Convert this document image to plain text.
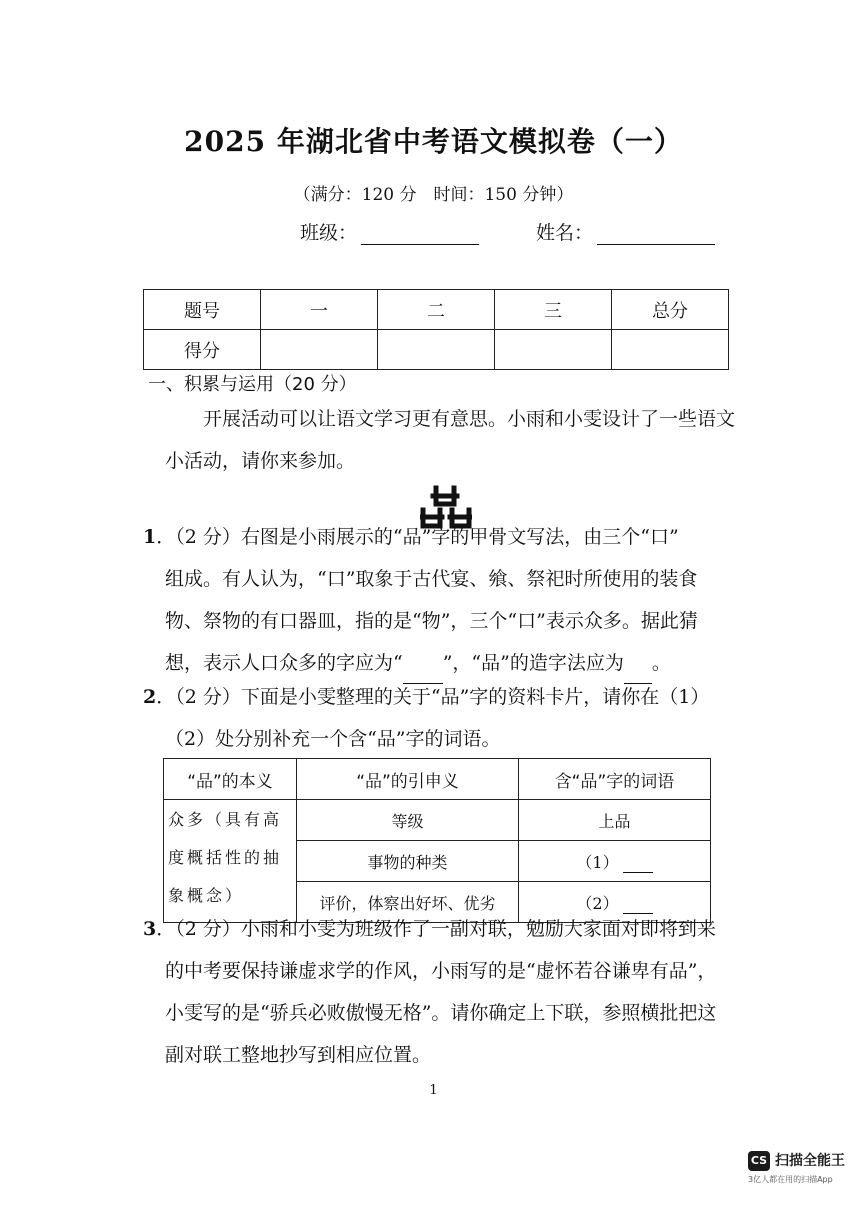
2025 年湖北省中考语文模拟卷（一）
（满分：120 分　时间：150 分钟）
班级：	姓名：
题号	一	二	三	总分
得分				
一、积累与运用（20 分）
开展活动可以让语文学习更有意思。小雨和小雯设计了一些语文小活动，请你来参加。
1．（2 分）右图是小雨展示的“品”字的甲骨文写法，由三个“口”
组成。有人认为，“口”取象于古代宴、飨、祭祀时所使用的装食物、祭物的有口器皿，指的是“物”，三个“口”表示众多。据此猜想，表示人口众多的字应为“ ”，“品”的造字法应为 。
2．（2 分）下面是小雯整理的关于“品”字的资料卡片，请你在（1）
（2）处分别补充一个含“品”字的词语。
“品”的本义	“品”的引申义	含“品”字的词语
众多（具有高度概括性的抽象概念）	等级	上品
	事物的种类	（1）
	评价，体察出好坏、优劣	（2）
3．（2 分）小雨和小雯为班级作了一副对联，勉励大家面对即将到来
的中考要保持谦虚求学的作风，小雨写的是“虚怀若谷谦卑有品”，小雯写的是“骄兵必败傲慢无格”。请你确定上下联，参照横批把这副对联工整地抄写到相应位置。
1
CS 扫描全能王
3亿人都在用的扫描App
